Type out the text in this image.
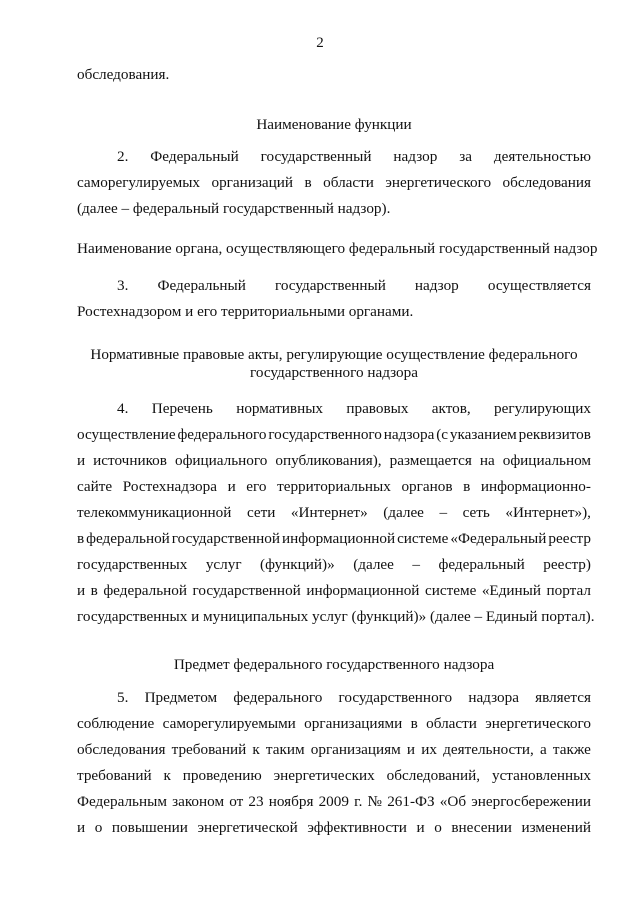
2
обследования.
Наименование функции
2. Федеральный государственный надзор за деятельностью
саморегулируемых организаций в области энергетического обследования
(далее – федеральный государственный надзор).
Наименование органа, осуществляющего федеральный государственный надзор
3. Федеральный государственный надзор осуществляется
Ростехнадзором и его территориальными органами.
Нормативные правовые акты, регулирующие осуществление федерального
государственного надзора
4. Перечень нормативных правовых актов, регулирующих
осуществление федерального государственного надзора (с указанием реквизитов
и источников официального опубликования), размещается на официальном
сайте Ростехнадзора и его территориальных органов в информационно-
телекоммуникационной сети «Интернет» (далее – сеть «Интернет»),
в федеральной государственной информационной системе «Федеральный реестр
государственных услуг (функций)» (далее – федеральный реестр)
и в федеральной государственной информационной системе «Единый портал
государственных и муниципальных услуг (функций)» (далее – Единый портал).
Предмет федерального государственного надзора
5. Предметом федерального государственного надзора является
соблюдение саморегулируемыми организациями в области энергетического
обследования требований к таким организациям и их деятельности, а также
требований к проведению энергетических обследований, установленных
Федеральным законом от 23 ноября 2009 г. № 261-ФЗ «Об энергосбережении
и о повышении энергетической эффективности и о внесении изменений
